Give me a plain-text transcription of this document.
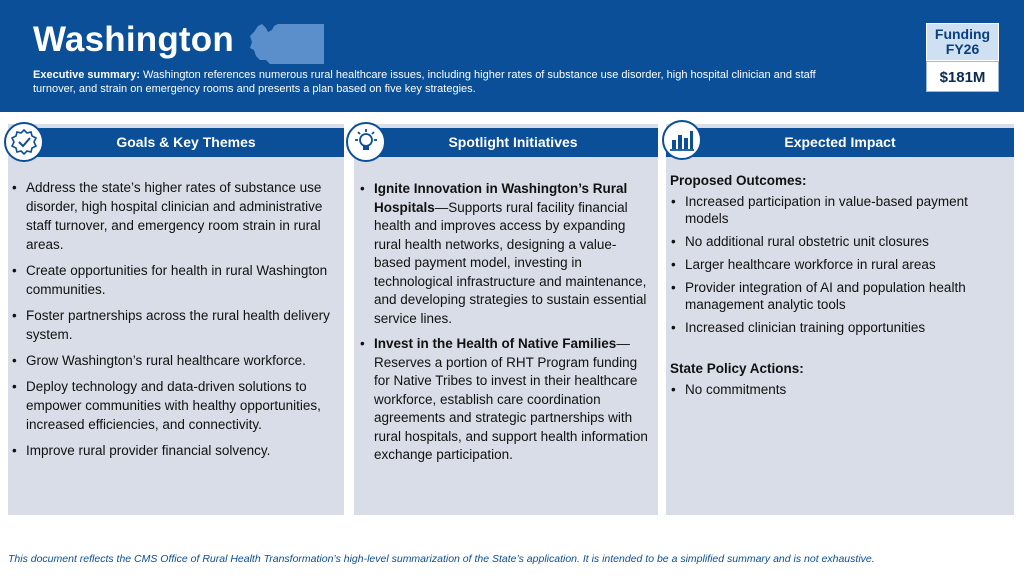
Washington
Executive summary: Washington references numerous rural healthcare issues, including higher rates of substance use disorder, high hospital clinician and staff turnover, and strain on emergency rooms and presents a plan based on five key strategies.
Funding FY26
$181M
Goals & Key Themes
• Address the state’s higher rates of substance use disorder, high hospital clinician and administrative staff turnover, and emergency room strain in rural areas.
• Create opportunities for health in rural Washington communities.
• Foster partnerships across the rural health delivery system.
• Grow Washington’s rural healthcare workforce.
• Deploy technology and data-driven solutions to empower communities with healthy opportunities, increased efficiencies, and connectivity.
• Improve rural provider financial solvency.
Spotlight Initiatives
• Ignite Innovation in Washington’s Rural Hospitals—Supports rural facility financial health and improves access by expanding rural health networks, designing a value-based payment model, investing in technological infrastructure and maintenance, and developing strategies to sustain essential service lines.
• Invest in the Health of Native Families—Reserves a portion of RHT Program funding for Native Tribes to invest in their healthcare workforce, establish care coordination agreements and strategic partnerships with rural hospitals, and support health information exchange participation.
Expected Impact
Proposed Outcomes:
• Increased participation in value-based payment models
• No additional rural obstetric unit closures
• Larger healthcare workforce in rural areas
• Provider integration of AI and population health management analytic tools
• Increased clinician training opportunities
State Policy Actions:
• No commitments
This document reflects the CMS Office of Rural Health Transformation’s high-level summarization of the State’s application. It is intended to be a simplified summary and is not exhaustive.
